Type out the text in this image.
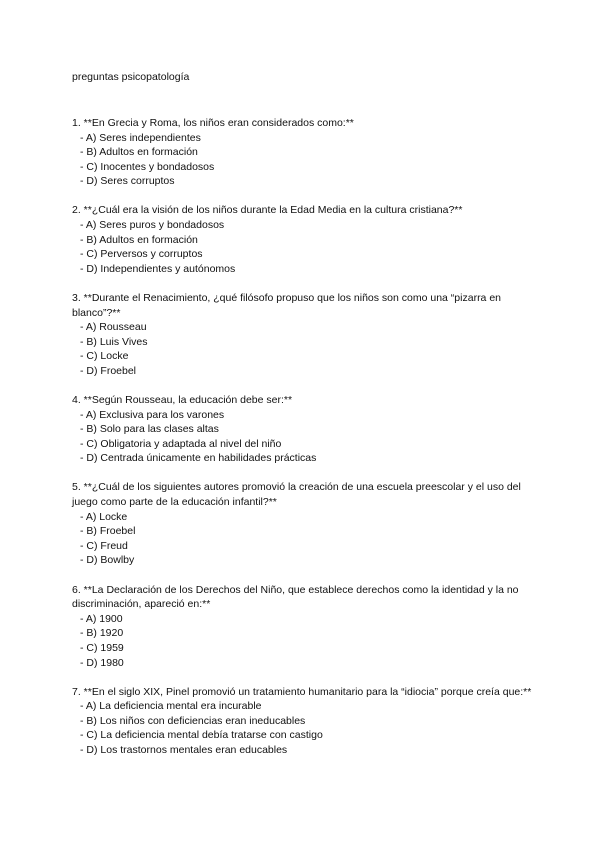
preguntas psicopatología
1. **En Grecia y Roma, los niños eran considerados como:**
- A) Seres independientes
- B) Adultos en formación
- C) Inocentes y bondadosos
- D) Seres corruptos
2. **¿Cuál era la visión de los niños durante la Edad Media en la cultura cristiana?**
- A) Seres puros y bondadosos
- B) Adultos en formación
- C) Perversos y corruptos
- D) Independientes y autónomos
3. **Durante el Renacimiento, ¿qué filósofo propuso que los niños son como una “pizarra en blanco”?**
- A) Rousseau
- B) Luis Vives
- C) Locke
- D) Froebel
4. **Según Rousseau, la educación debe ser:**
- A) Exclusiva para los varones
- B) Solo para las clases altas
- C) Obligatoria y adaptada al nivel del niño
- D) Centrada únicamente en habilidades prácticas
5. **¿Cuál de los siguientes autores promovió la creación de una escuela preescolar y el uso del juego como parte de la educación infantil?**
- A) Locke
- B) Froebel
- C) Freud
- D) Bowlby
6. **La Declaración de los Derechos del Niño, que establece derechos como la identidad y la no discriminación, apareció en:**
- A) 1900
- B) 1920
- C) 1959
- D) 1980
7. **En el siglo XIX, Pinel promovió un tratamiento humanitario para la “idiocia” porque creía que:**
- A) La deficiencia mental era incurable
- B) Los niños con deficiencias eran ineducables
- C) La deficiencia mental debía tratarse con castigo
- D) Los trastornos mentales eran educables
